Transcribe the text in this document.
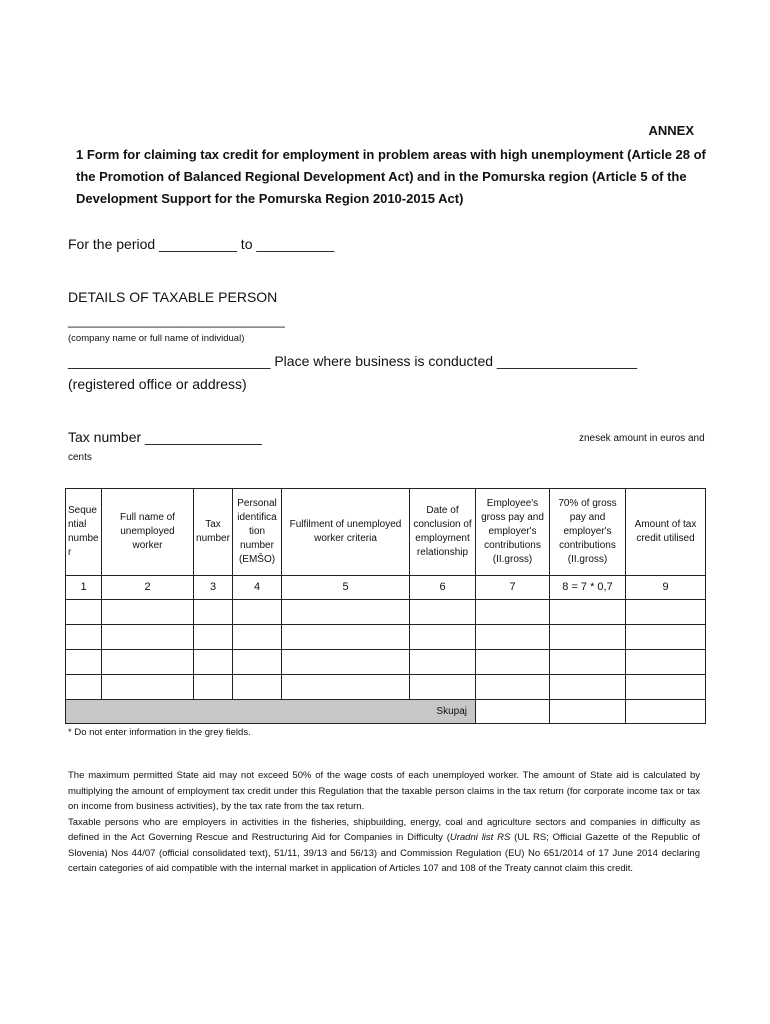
ANNEX
1 Form for claiming tax credit for employment in problem areas with high unemployment (Article 28 of the Promotion of Balanced Regional Development Act) and in the Pomurska region (Article 5 of the Development Support for the Pomurska Region 2010-2015 Act)
For the period __________ to __________
DETAILS OF TAXABLE PERSON
______________________________
(company name or full name of individual)
__________________________ Place where business is conducted __________________
(registered office or address)
Tax number _______________	znesek amount in euros and
cents
Seque ntial numbe r	Full name of unemployed worker	Tax number	Personal identifica tion number (EMŠO)	Fulfilment of unemployed worker criteria	Date of conclusion of employment relationship	Employee's gross pay and employer's contributions (II.gross)	70% of gross pay and employer's contributions (II.gross)	Amount of tax credit utilised
1	2	3	4	5	6	7	8 = 7 * 0,7	9

Skupaj								
* Do not enter information in the grey fields.

The maximum permitted State aid may not exceed 50% of the wage costs of each unemployed worker. The amount of State aid is calculated by multiplying the amount of employment tax credit under this Regulation that the taxable person claims in the tax return (for corporate income tax or tax on income from business activities), by the tax rate from the tax return.

Taxable persons who are employers in activities in the fisheries, shipbuilding, energy, coal and agriculture sectors and companies in difficulty as defined in the Act Governing Rescue and Restructuring Aid for Companies in Difficulty (Uradni list RS (UL RS; Official Gazette of the Republic of Slovenia) Nos 44/07 (official consolidated text), 51/11, 39/13 and 56/13) and Commission Regulation (EU) No 651/2014 of 17 June 2014 declaring certain categories of aid compatible with the internal market in application of Articles 107 and 108 of the Treaty cannot claim this credit.
